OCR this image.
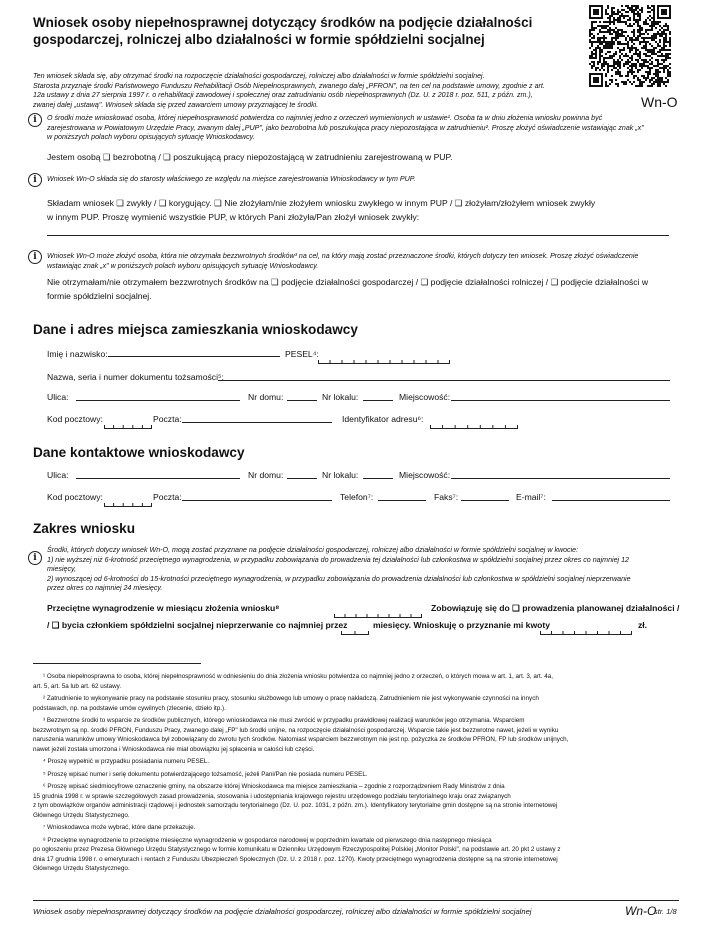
Wniosek osoby niepełnosprawnej dotyczący środków na podjęcie działalności
gospodarczej, rolniczej albo działalności w formie spółdzielni socjalnej
Wn-O
Ten wniosek składa się, aby otrzymać środki na rozpoczęcie działalności gospodarczej, rolniczej albo działalności w formie spółdzielni socjalnej.
Starosta przyznaje środki Państwowego Funduszu Rehabilitacji Osób Niepełnosprawnych, zwanego dalej „PFRON", na ten cel na podstawie umowy, zgodnie z art.
12a ustawy z dnia 27 sierpnia 1997 r. o rehabilitacji zawodowej i społecznej oraz zatrudnianiu osób niepełnosprawnych (Dz. U. z 2018 r. poz. 511, z późn. zm.),
zwanej dalej „ustawą". Wniosek składa się przed zawarciem umowy przyznającej te środki.
i	O środki może wnioskować osoba, której niepełnosprawność potwierdza co najmniej jedno z orzeczeń wymienionych w ustawie¹. Osoba ta w dniu złożenia wniosku powinna być
zarejestrowana w Powiatowym Urzędzie Pracy, zwanym dalej „PUP", jako bezrobotna lub poszukująca pracy niepozostająca w zatrudnieniu². Proszę złożyć oświadczenie wstawiając znak „x"
w poniższych polach wyboru opisujących sytuację Wnioskodawcy.
Jestem osobą ❑ bezrobotną / ❑ poszukującą pracy niepozostającą w zatrudnieniu zarejestrowaną w PUP.
i	Wniosek Wn-O składa się do starosty właściwego ze względu na miejsce zarejestrowania Wnioskodawcy w tym PUP.
Składam wniosek ❑ zwykły / ❑ korygujący. ❑ Nie złożyłam/nie złożyłem wniosku zwykłego w innym PUP / ❑ złożyłam/złożyłem wniosek zwykły
w innym PUP. Proszę wymienić wszystkie PUP, w których Pani złożyła/Pan złożył wniosek zwykły:
i	Wniosek Wn-O może złożyć osoba, która nie otrzymała bezzwrotnych środków³ na cel, na który mają zostać przeznaczone środki, których dotyczy ten wniosek. Proszę złożyć oświadczenie
wstawiając znak „x" w poniższych polach wyboru opisujących sytuację Wnioskodawcy.
Nie otrzymałam/nie otrzymałem bezzwrotnych środków na ❑ podjęcie działalności gospodarczej / ❑ podjęcie działalności rolniczej / ❑ podjęcie działalności w
formie spółdzielni socjalnej.
Dane i adres miejsca zamieszkania wnioskodawcy
Imię i nazwisko:	PESEL⁴:
Nazwa, seria i numer dokumentu tożsamości⁵:
Ulica:	Nr domu:	Nr lokalu:	Miejscowość:
Kod pocztowy:	Poczta:	Identyfikator adresu⁶:
Dane kontaktowe wnioskodawcy
Ulica:	Nr domu:	Nr lokalu:	Miejscowość:
Kod pocztowy:	Poczta:	Telefon⁷:	Faks⁷:	E-mail⁷:
Zakres wniosku
i
Środki, których dotyczy wniosek Wn-O, mogą zostać przyznane na podjęcie działalności gospodarczej, rolniczej albo działalności w formie spółdzielni socjalnej w kwocie:
1) nie wyższej niż 6-krotność przeciętnego wynagrodzenia, w przypadku zobowiązania do prowadzenia tej działalności lub członkostwa w spółdzielni socjalnej przez okres co najmniej 12
miesięcy,
2) wynoszącej od 6-krotności do 15-krotności przeciętnego wynagrodzenia, w przypadku zobowiązania do prowadzenia działalności lub członkostwa w spółdzielni socjalnej nieprzerwanie
przez okres co najmniej 24 miesięcy.
Przeciętne wynagrodzenie w miesiącu złożenia wniosku⁸	Zobowiązuję się do ❑ prowadzenia planowanej działalności /
/ ❑ bycia członkiem spółdzielni socjalnej nieprzerwanie co najmniej przez	miesięcy. Wnioskuję o przyznanie mi kwoty	zł.
¹ Osoba niepełnosprawna to osoba, której niepełnosprawność w odniesieniu do dnia złożenia wniosku potwierdza co najmniej jedno z orzeczeń, o których mowa w art. 1, art. 3, art. 4a,
art. 5, art. 5a lub art. 62 ustawy.
² Zatrudnienie to wykonywanie pracy na podstawie stosunku pracy, stosunku służbowego lub umowy o pracę nakładczą. Zatrudnieniem nie jest wykonywanie czynności na innych
podstawach, np. na podstawie umów cywilnych (zlecenie, dzieło itp.).
³ Bezzwrotne środki to wsparcie ze środków publicznych, którego wnioskodawca nie musi zwrócić w przypadku prawidłowej realizacji warunków jego otrzymania. Wsparciem
bezzwrotnym są np. środki PFRON, Funduszu Pracy, zwanego dalej „FP" lub środki unijne, na rozpoczęcie działalności gospodarczej. Wsparcie takie jest bezzwrotne nawet, jeżeli w wyniku
naruszenia warunków umowy Wnioskodawca był zobowiązany do zwrotu tych środków. Natomiast wsparciem bezzwrotnym nie jest np. pożyczka ze środków PFRON, FP lub środków unijnych,
nawet jeżeli została umorzona i Wnioskodawca nie miał obowiązku jej spłacenia w całości lub części.
⁴ Proszę wypełnić w przypadku posiadania numeru PESEL.
⁵ Proszę wpisać numer i serię dokumentu potwierdzającego tożsamość, jeżeli Pani/Pan nie posiada numeru PESEL.
⁶ Proszę wpisać siedmiocyfrowe oznaczenie gminy, na obszarze której Wnioskodawca ma miejsce zamieszkania – zgodnie z rozporządzeniem Rady Ministrów z dnia
15 grudnia 1998 r. w sprawie szczegółowych zasad prowadzenia, stosowania i udostępniania krajowego rejestru urzędowego podziału terytorialnego kraju oraz związanych
z tym obowiązków organów administracji rządowej i jednostek samorządu terytorialnego (Dz. U. poz. 1031, z późn. zm.). Identyfikatory terytorialne gmin dostępne są na stronie internetowej
Głównego Urzędu Statystycznego.
⁷ Wnioskodawca może wybrać, które dane przekazuje.
⁸ Przeciętne wynagrodzenie to przeciętne miesięczne wynagrodzenie w gospodarce narodowej w poprzednim kwartale od pierwszego dnia następnego miesiąca
po ogłoszeniu przez Prezesa Głównego Urzędu Statystycznego w formie komunikatu w Dzienniku Urzędowym Rzeczypospolitej Polskiej „Monitor Polski", na podstawie art. 20 pkt 2 ustawy z
dnia 17 grudnia 1998 r. o emeryturach i rentach z Funduszu Ubezpieczeń Społecznych (Dz. U. z 2018 r. poz. 1270). Kwoty przeciętnego wynagrodzenia dostępne są na stronie internetowej
Głównego Urzędu Statystycznego.
Wniosek osoby niepełnosprawnej dotyczący środków na podjęcie działalności gospodarczej, rolniczej albo działalności w formie spółdzielni socjalnej	Wn-O
str. 1/8
